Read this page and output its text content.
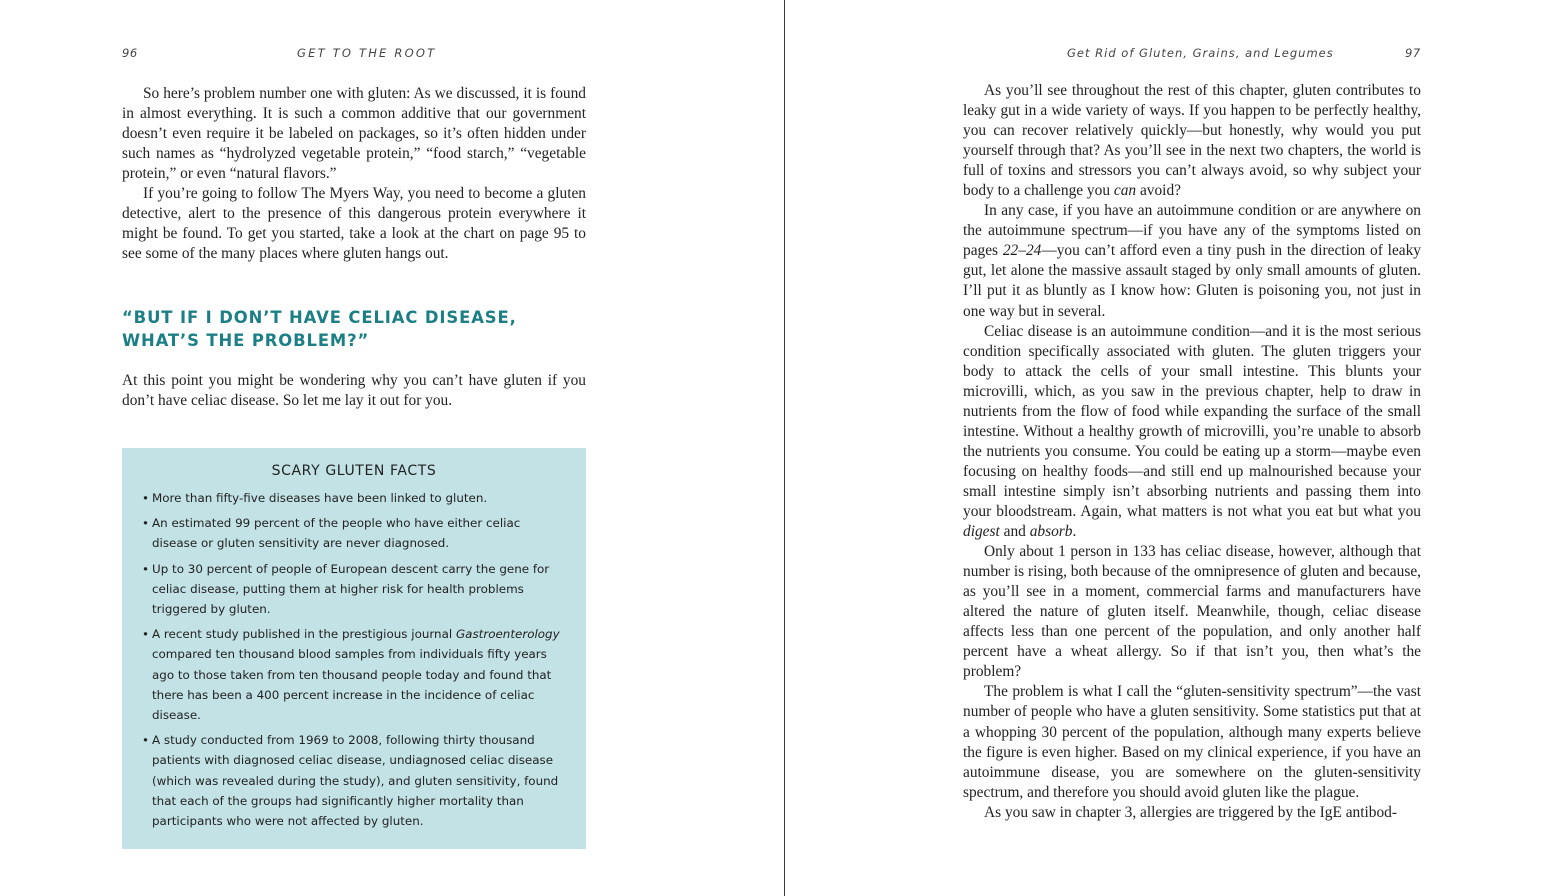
96	GET TO THE ROOT

So here’s problem number one with gluten: As we discussed, it is found in almost everything. It is such a common additive that our government doesn’t even require it be labeled on packages, so it’s often hidden under such names as “hydrolyzed vegetable protein,” “food starch,” “vegetable protein,” or even “natural flavors.”

If you’re going to follow The Myers Way, you need to become a gluten detective, alert to the presence of this dangerous protein everywhere it might be found. To get you started, take a look at the chart on page 95 to see some of the many places where gluten hangs out.

“BUT IF I DON’T HAVE CELIAC DISEASE, WHAT’S THE PROBLEM?”

At this point you might be wondering why you can’t have gluten if you don’t have celiac disease. So let me lay it out for you.

SCARY GLUTEN FACTS
• More than fifty-five diseases have been linked to gluten.
• An estimated 99 percent of the people who have either celiac disease or gluten sensitivity are never diagnosed.
• Up to 30 percent of people of European descent carry the gene for celiac disease, putting them at higher risk for health problems triggered by gluten.
• A recent study published in the prestigious journal Gastroenterology compared ten thousand blood samples from individuals fifty years ago to those taken from ten thousand people today and found that there has been a 400 percent increase in the incidence of celiac disease.
• A study conducted from 1969 to 2008, following thirty thousand patients with diagnosed celiac disease, undiagnosed celiac disease (which was revealed during the study), and gluten sensitivity, found that each of the groups had significantly higher mortality than participants who were not affected by gluten.
Get Rid of Gluten, Grains, and Legumes	97

As you’ll see throughout the rest of this chapter, gluten contributes to leaky gut in a wide variety of ways. If you happen to be perfectly healthy, you can recover relatively quickly—but honestly, why would you put yourself through that? As you’ll see in the next two chapters, the world is full of toxins and stressors you can’t always avoid, so why subject your body to a challenge you can avoid?

In any case, if you have an autoimmune condition or are anywhere on the autoimmune spectrum—if you have any of the symptoms listed on pages 22–24—you can’t afford even a tiny push in the direction of leaky gut, let alone the massive assault staged by only small amounts of gluten. I’ll put it as bluntly as I know how: Gluten is poisoning you, not just in one way but in several.

Celiac disease is an autoimmune condition—and it is the most serious condition specifically associated with gluten. The gluten triggers your body to attack the cells of your small intestine. This blunts your microvilli, which, as you saw in the previous chapter, help to draw in nutrients from the flow of food while expanding the surface of the small intestine. Without a healthy growth of microvilli, you’re unable to absorb the nutrients you consume. You could be eating up a storm—maybe even focusing on healthy foods—and still end up malnourished because your small intestine simply isn’t absorbing nutrients and passing them into your bloodstream. Again, what matters is not what you eat but what you digest and absorb.

Only about 1 person in 133 has celiac disease, however, although that number is rising, both because of the omnipresence of gluten and because, as you’ll see in a moment, commercial farms and manufacturers have altered the nature of gluten itself. Meanwhile, though, celiac disease affects less than one percent of the population, and only another half percent have a wheat allergy. So if that isn’t you, then what’s the problem?

The problem is what I call the “gluten-sensitivity spectrum”—the vast number of people who have a gluten sensitivity. Some statistics put that at a whopping 30 percent of the population, although many experts believe the figure is even higher. Based on my clinical experience, if you have an autoimmune disease, you are somewhere on the gluten-sensitivity spectrum, and therefore you should avoid gluten like the plague.

As you saw in chapter 3, allergies are triggered by the IgE antibod-
